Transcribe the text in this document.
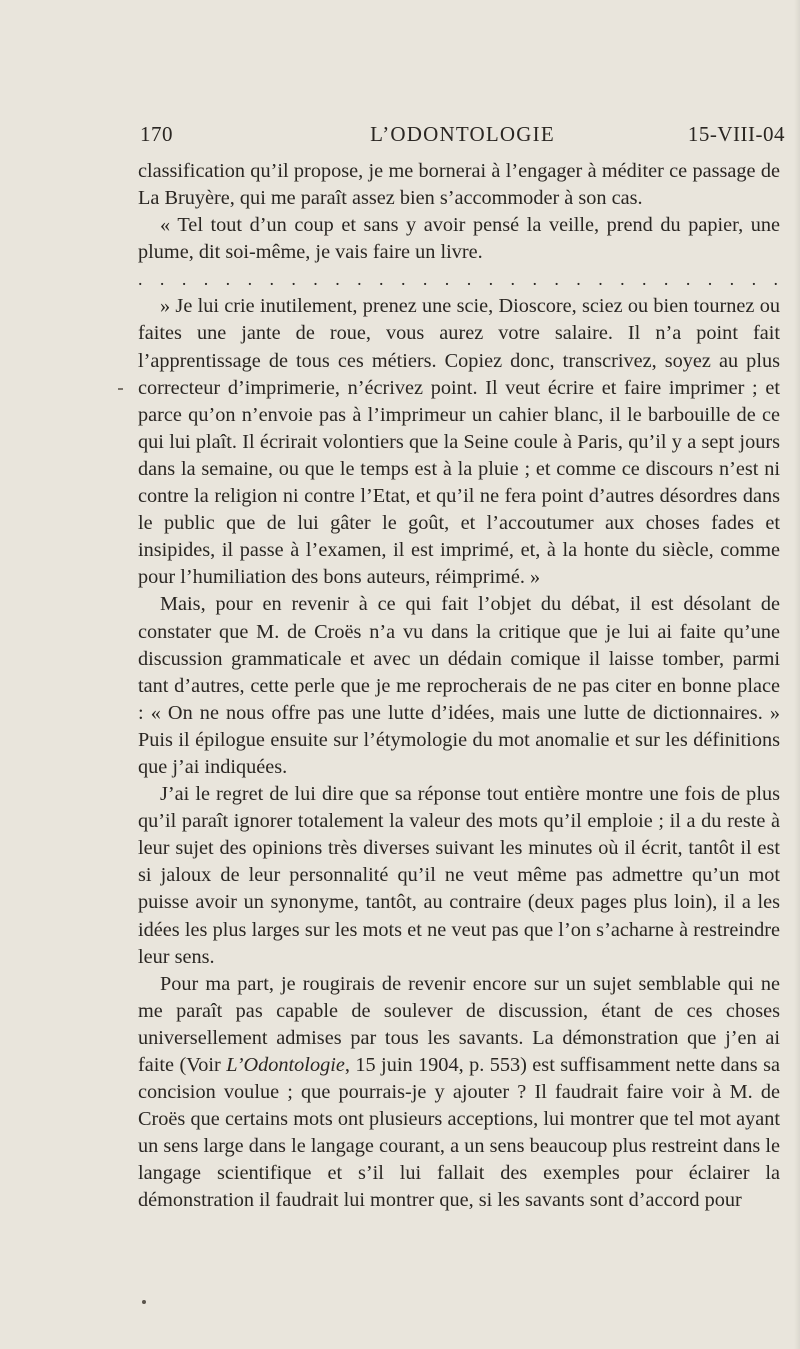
170	L’ODONTOLOGIE	15-VIII-04

classification qu’il propose, je me bornerai à l’engager à méditer ce passage de La Bruyère, qui me paraît assez bien s’accommoder à son cas.

« Tel tout d’un coup et sans y avoir pensé la veille, prend du papier, une plume, dit soi-même, je vais faire un livre.

. . . . . . . . . . . . . . . . . . . . . . . . . . . . . .

» Je lui crie inutilement, prenez une scie, Dioscore, sciez ou bien tournez ou faites une jante de roue, vous aurez votre salaire. Il n’a point fait l’apprentissage de tous ces métiers. Copiez donc, transcrivez, soyez au plus correcteur d’imprimerie, n’écrivez point. Il veut écrire et faire imprimer ; et parce qu’on n’envoie pas à l’imprimeur un cahier blanc, il le barbouille de ce qui lui plaît. Il écrirait volontiers que la Seine coule à Paris, qu’il y a sept jours dans la semaine, ou que le temps est à la pluie ; et comme ce discours n’est ni contre la religion ni contre l’Etat, et qu’il ne fera point d’autres désordres dans le public que de lui gâter le goût, et l’accoutumer aux choses fades et insipides, il passe à l’examen, il est imprimé, et, à la honte du siècle, comme pour l’humiliation des bons auteurs, réimprimé. »

Mais, pour en revenir à ce qui fait l’objet du débat, il est désolant de constater que M. de Croës n’a vu dans la critique que je lui ai faite qu’une discussion grammaticale et avec un dédain comique il laisse tomber, parmi tant d’autres, cette perle que je me reprocherais de ne pas citer en bonne place : « On ne nous offre pas une lutte d’idées, mais une lutte de dictionnaires. » Puis il épilogue ensuite sur l’étymologie du mot anomalie et sur les définitions que j’ai indiquées.

J’ai le regret de lui dire que sa réponse tout entière montre une fois de plus qu’il paraît ignorer totalement la valeur des mots qu’il emploie ; il a du reste à leur sujet des opinions très diverses suivant les minutes où il écrit, tantôt il est si jaloux de leur personnalité qu’il ne veut même pas admettre qu’un mot puisse avoir un synonyme, tantôt, au contraire (deux pages plus loin), il a les idées les plus larges sur les mots et ne veut pas que l’on s’acharne à restreindre leur sens.

Pour ma part, je rougirais de revenir encore sur un sujet semblable qui ne me paraît pas capable de soulever de discussion, étant de ces choses universellement admises par tous les savants. La démonstration que j’en ai faite (Voir L’Odontologie, 15 juin 1904, p. 553) est suffisamment nette dans sa concision voulue ; que pourrais-je y ajouter ? Il faudrait faire voir à M. de Croës que certains mots ont plusieurs acceptions, lui montrer que tel mot ayant un sens large dans le langage courant, a un sens beaucoup plus restreint dans le langage scientifique et s’il lui fallait des exemples pour éclairer la démonstration il faudrait lui montrer que, si les savants sont d’accord pour
